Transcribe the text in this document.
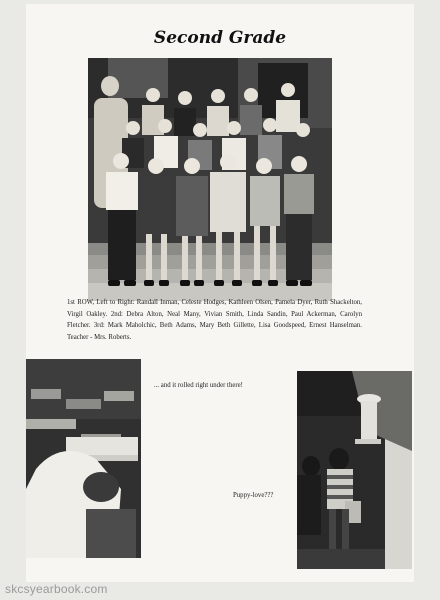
Second Grade
1st ROW, Left to Right: Randall Inman, Celeste Hodges, Kathleen Olsen, Pamela Dyer, Ruth Shackelton, Virgil Oakley. 2nd: Debra Alton, Neal Many, Vivian Smith, Linda Sandin, Paul Ackerman, Carolyn Fletcher. 3rd: Mark Maholchic, Beth Adams, Mary Beth Gillette, Lisa Goodspeed, Ernest Hanselman. Teacher - Mrs. Roberts.
... and it rolled right under there!
Puppy-love???
skcsyearbook.com
